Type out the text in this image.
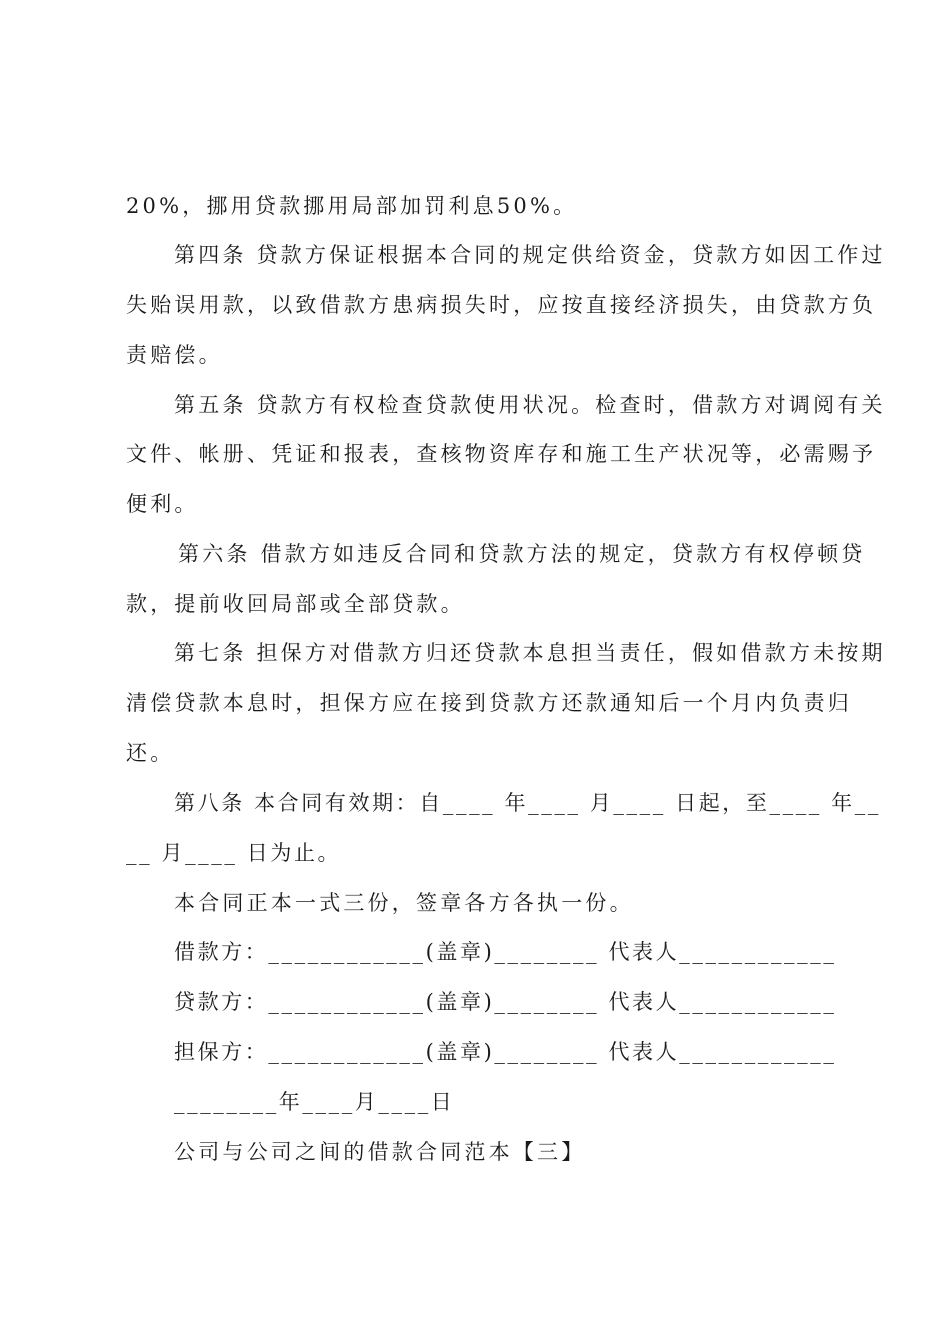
20%，挪用贷款挪用局部加罚利息50%。
第四条 贷款方保证根据本合同的规定供给资金，贷款方如因工作过
失贻误用款，以致借款方患病损失时，应按直接经济损失，由贷款方负
责赔偿。
第五条 贷款方有权检查贷款使用状况。检查时，借款方对调阅有关
文件、帐册、凭证和报表，查核物资库存和施工生产状况等，必需赐予
便利。
第六条 借款方如违反合同和贷款方法的规定，贷款方有权停顿贷
款，提前收回局部或全部贷款。
第七条 担保方对借款方归还贷款本息担当责任，假如借款方未按期
清偿贷款本息时，担保方应在接到贷款方还款通知后一个月内负责归
还。
第八条 本合同有效期：自____ 年____ 月____ 日起，至____ 年__
__ 月____ 日为止。
本合同正本一式三份，签章各方各执一份。
借款方：____________(盖章)________ 代表人____________
贷款方：____________(盖章)________ 代表人____________
担保方：____________(盖章)________ 代表人____________
________年____月____日
公司与公司之间的借款合同范本【三】
